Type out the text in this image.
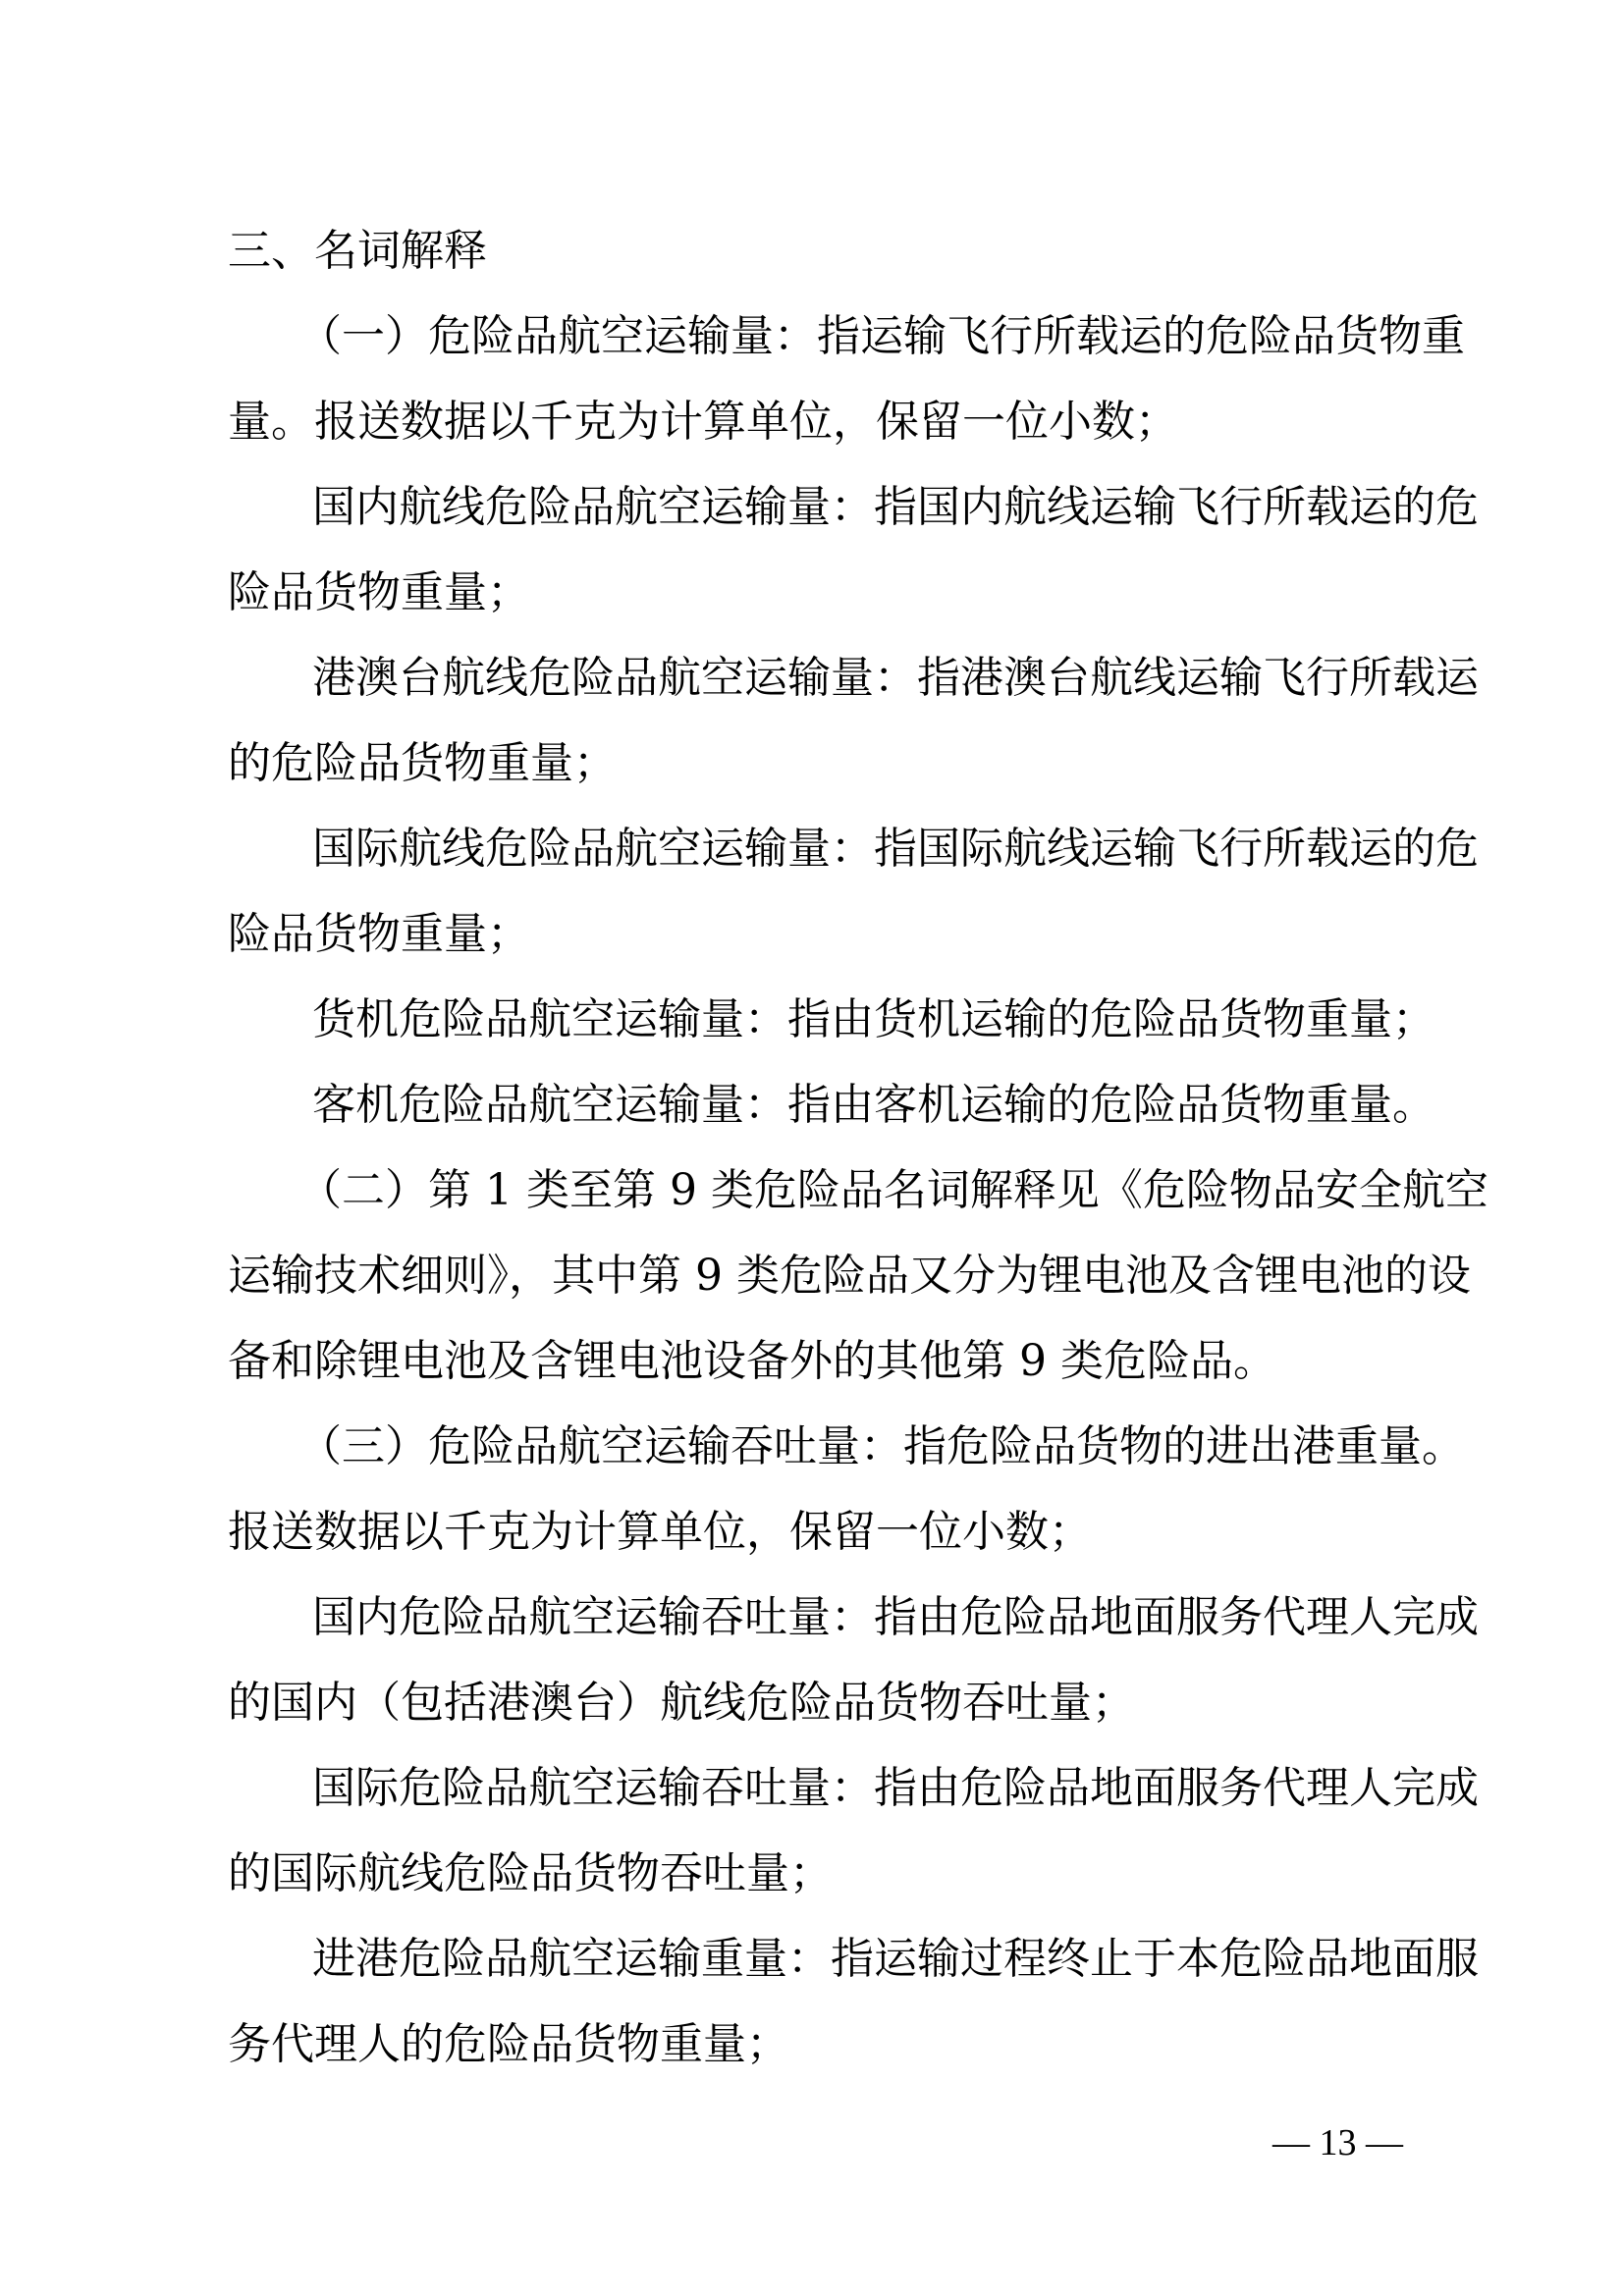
三、名词解释
（一）危险品航空运输量：指运输飞行所载运的危险品货物重
量。报送数据以千克为计算单位，保留一位小数；
国内航线危险品航空运输量：指国内航线运输飞行所载运的危
险品货物重量；
港澳台航线危险品航空运输量：指港澳台航线运输飞行所载运
的危险品货物重量；
国际航线危险品航空运输量：指国际航线运输飞行所载运的危
险品货物重量；
货机危险品航空运输量：指由货机运输的危险品货物重量；
客机危险品航空运输量：指由客机运输的危险品货物重量。
（二）第 1 类至第 9 类危险品名词解释见《危险物品安全航空
运输技术细则》，其中第 9 类危险品又分为锂电池及含锂电池的设
备和除锂电池及含锂电池设备外的其他第 9 类危险品。
（三）危险品航空运输吞吐量：指危险品货物的进出港重量。
报送数据以千克为计算单位，保留一位小数；
国内危险品航空运输吞吐量：指由危险品地面服务代理人完成
的国内（包括港澳台）航线危险品货物吞吐量；
国际危险品航空运输吞吐量：指由危险品地面服务代理人完成
的国际航线危险品货物吞吐量；
进港危险品航空运输重量：指运输过程终止于本危险品地面服
务代理人的危险品货物重量；
— 13 —
